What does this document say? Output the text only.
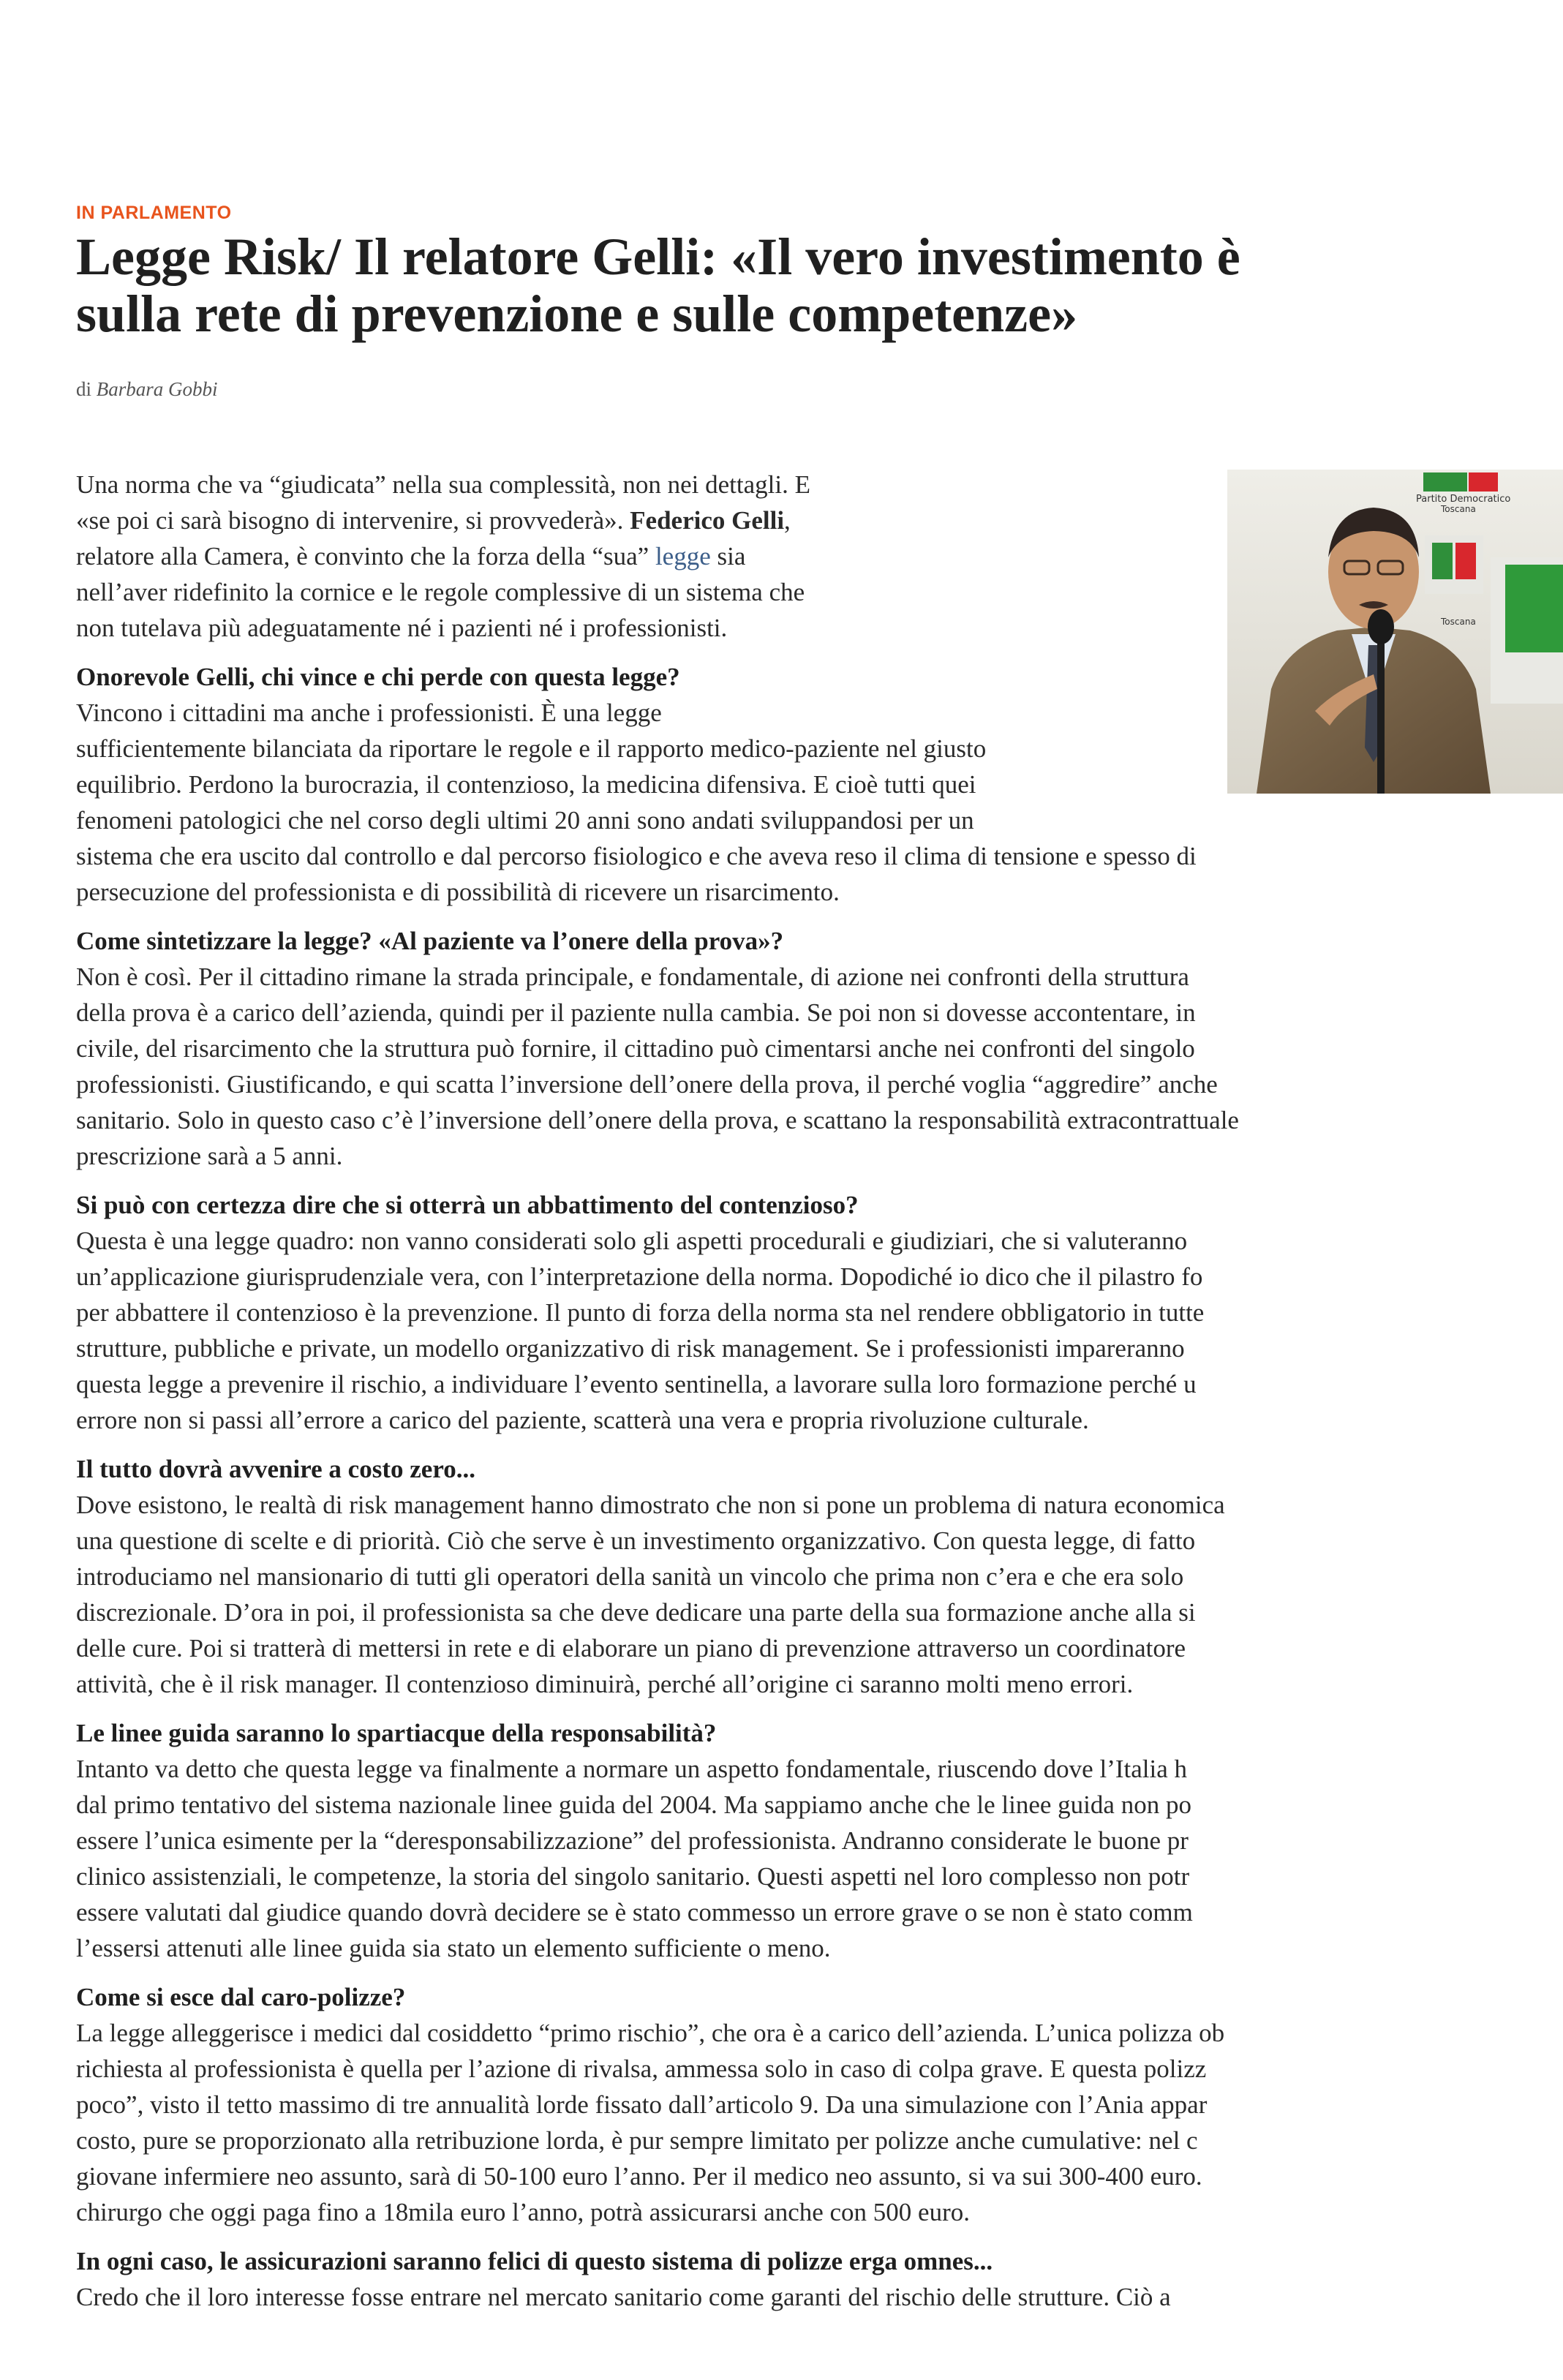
IN PARLAMENTO
Legge Risk/ Il relatore Gelli: «Il vero investimento è
sulla rete di prevenzione e sulle competenze»
di Barbara Gobbi

Una norma che va “giudicata” nella sua complessità, non nei dettagli. E
«se poi ci sarà bisogno di intervenire, si provvederà». Federico Gelli,
relatore alla Camera, è convinto che la forza della “sua” legge sia
nell’aver ridefinito la cornice e le regole complessive di un sistema che
non tutelava più adeguatamente né i pazienti né i professionisti.

Onorevole Gelli, chi vince e chi perde con questa legge?

Vincono i cittadini ma anche i professionisti. È una legge
sufficientemente bilanciata da riportare le regole e il rapporto medico-paziente nel giusto
equilibrio. Perdono la burocrazia, il contenzioso, la medicina difensiva. E cioè tutti quei
fenomeni patologici che nel corso degli ultimi 20 anni sono andati sviluppandosi per un
sistema che era uscito dal controllo e dal percorso fisiologico e che aveva reso il clima di tensione e spesso di
persecuzione del professionista e di possibilità di ricevere un risarcimento.

Come sintetizzare la legge? «Al paziente va l’onere della prova»?

Non è così. Per il cittadino rimane la strada principale, e fondamentale, di azione nei confronti della struttura
della prova è a carico dell’azienda, quindi per il paziente nulla cambia. Se poi non si dovesse accontentare, in
civile, del risarcimento che la struttura può fornire, il cittadino può cimentarsi anche nei confronti del singolo
professionisti. Giustificando, e qui scatta l’inversione dell’onere della prova, il perché voglia “aggredire” anche
sanitario. Solo in questo caso c’è l’inversione dell’onere della prova, e scattano la responsabilità extracontrattuale
prescrizione sarà a 5 anni.

Si può con certezza dire che si otterrà un abbattimento del contenzioso?

Questa è una legge quadro: non vanno considerati solo gli aspetti procedurali e giudiziari, che si valuteranno
un’applicazione giurisprudenziale vera, con l’interpretazione della norma. Dopodiché io dico che il pilastro fo
per abbattere il contenzioso è la prevenzione. Il punto di forza della norma sta nel rendere obbligatorio in tutte
strutture, pubbliche e private, un modello organizzativo di risk management. Se i professionisti impareranno
questa legge a prevenire il rischio, a individuare l’evento sentinella, a lavorare sulla loro formazione perché u
errore non si passi all’errore a carico del paziente, scatterà una vera e propria rivoluzione culturale.

Il tutto dovrà avvenire a costo zero...

Dove esistono, le realtà di risk management hanno dimostrato che non si pone un problema di natura economica
una questione di scelte e di priorità. Ciò che serve è un investimento organizzativo. Con questa legge, di fatto
introduciamo nel mansionario di tutti gli operatori della sanità un vincolo che prima non c’era e che era solo
discrezionale. D’ora in poi, il professionista sa che deve dedicare una parte della sua formazione anche alla si
delle cure. Poi si tratterà di mettersi in rete e di elaborare un piano di prevenzione attraverso un coordinatore
attività, che è il risk manager. Il contenzioso diminuirà, perché all’origine ci saranno molti meno errori.

Le linee guida saranno lo spartiacque della responsabilità?

Intanto va detto che questa legge va finalmente a normare un aspetto fondamentale, riuscendo dove l’Italia h
dal primo tentativo del sistema nazionale linee guida del 2004. Ma sappiamo anche che le linee guida non po
essere l’unica esimente per la “deresponsabilizzazione” del professionista. Andranno considerate le buone pr
clinico assistenziali, le competenze, la storia del singolo sanitario. Questi aspetti nel loro complesso non potr
essere valutati dal giudice quando dovrà decidere se è stato commesso un errore grave o se non è stato comm
l’essersi attenuti alle linee guida sia stato un elemento sufficiente o meno.

Come si esce dal caro-polizze?

La legge alleggerisce i medici dal cosiddetto “primo rischio”, che ora è a carico dell’azienda. L’unica polizza ob
richiesta al professionista è quella per l’azione di rivalsa, ammessa solo in caso di colpa grave. E questa polizz
poco”, visto il tetto massimo di tre annualità lorde fissato dall’articolo 9. Da una simulazione con l’Ania appar
costo, pure se proporzionato alla retribuzione lorda, è pur sempre limitato per polizze anche cumulative: nel c
giovane infermiere neo assunto, sarà di 50-100 euro l’anno. Per il medico neo assunto, si va sui 300-400 euro.
chirurgo che oggi paga fino a 18mila euro l’anno, potrà assicurarsi anche con 500 euro.

In ogni caso, le assicurazioni saranno felici di questo sistema di polizze erga omnes...

Credo che il loro interesse fosse entrare nel mercato sanitario come garanti del rischio delle strutture. Ciò a

Partito Democratico
Toscana
Toscana
